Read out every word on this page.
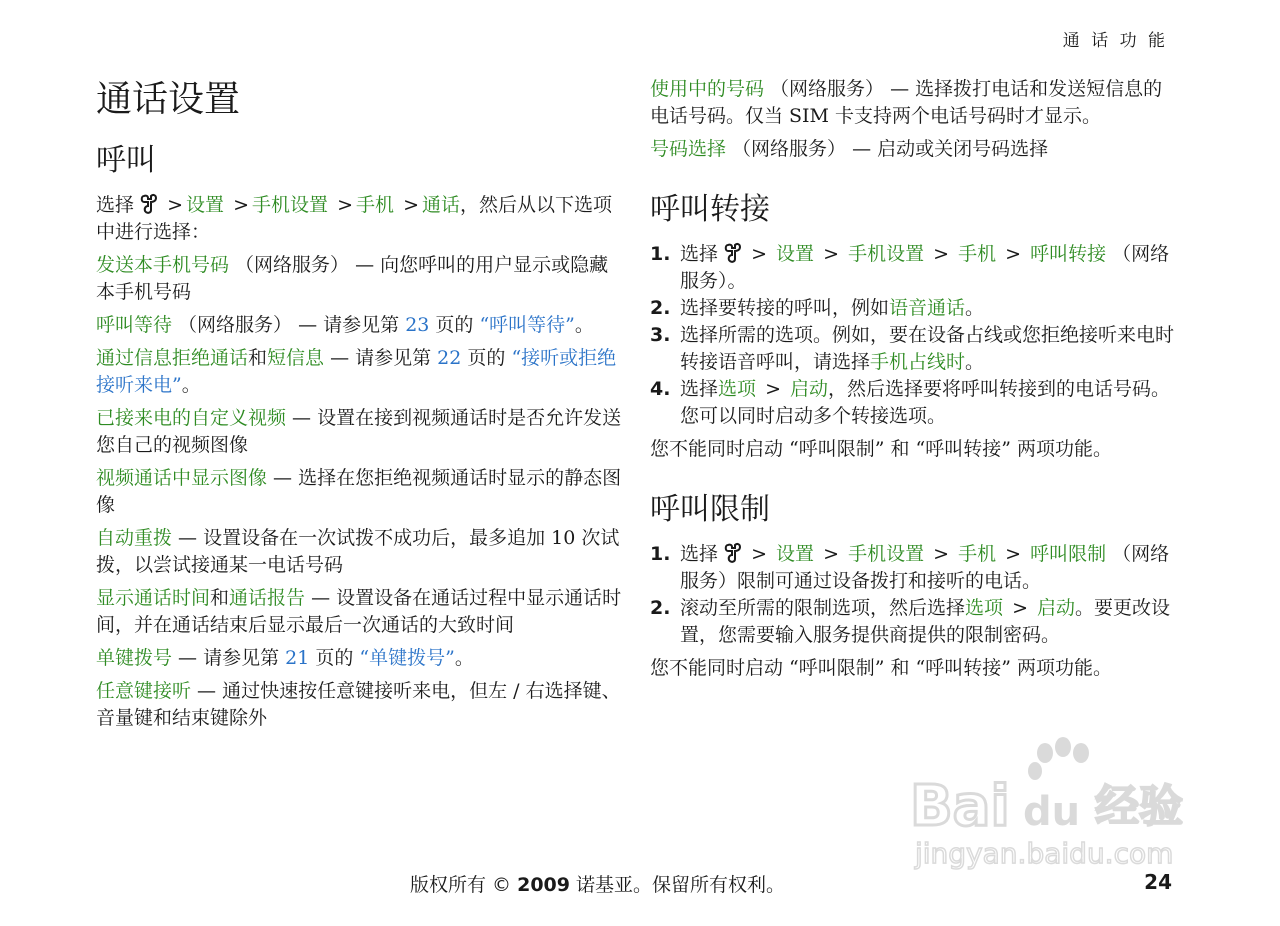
通 话 功 能
通话设置
呼叫

选择 > 设置 > 手机设置 > 手机 > 通话，然后从以下选项中进行选择：

发送本手机号码 （网络服务） — 向您呼叫的用户显示或隐藏本手机号码

呼叫等待 （网络服务） — 请参见第 23 页的 “呼叫等待”。

通过信息拒绝通话和短信息 — 请参见第 22 页的 “接听或拒绝接听来电”。

已接来电的自定义视频 — 设置在接到视频通话时是否允许发送您自己的视频图像

视频通话中显示图像 — 选择在您拒绝视频通话时显示的静态图像

自动重拨 — 设置设备在一次试拨不成功后，最多追加 10 次试拨，以尝试接通某一电话号码

显示通话时间和通话报告 — 设置设备在通话过程中显示通话时间，并在通话结束后显示最后一次通话的大致时间

单键拨号 — 请参见第 21 页的 “单键拨号”。

任意键接听 — 通过快速按任意键接听来电，但左 / 右选择键、音量键和结束键除外

使用中的号码 （网络服务） — 选择拨打电话和发送短信息的电话号码。仅当 SIM 卡支持两个电话号码时才显示。

号码选择 （网络服务） — 启动或关闭号码选择

呼叫转接
1. 选择  > 设置 > 手机设置 > 手机 > 呼叫转接 （网络服务）。
2. 选择要转接的呼叫，例如语音通话。
3. 选择所需的选项。例如，要在设备占线或您拒绝接听来电时转接语音呼叫，请选择手机占线时。
4. 选择选项 > 启动，然后选择要将呼叫转接到的电话号码。您可以同时启动多个转接选项。

您不能同时启动 “呼叫限制” 和 “呼叫转接” 两项功能。

呼叫限制
1. 选择  > 设置 > 手机设置 > 手机 > 呼叫限制 （网络服务）限制可通过设备拨打和接听的电话。
2. 滚动至所需的限制选项，然后选择选项 > 启动。要更改设置，您需要输入服务提供商提供的限制密码。

您不能同时启动 “呼叫限制” 和 “呼叫转接” 两项功能。

Bai du 经验
jingyan.baidu.com
版权所有 © 2009 诺基亚。保留所有权利。	24
